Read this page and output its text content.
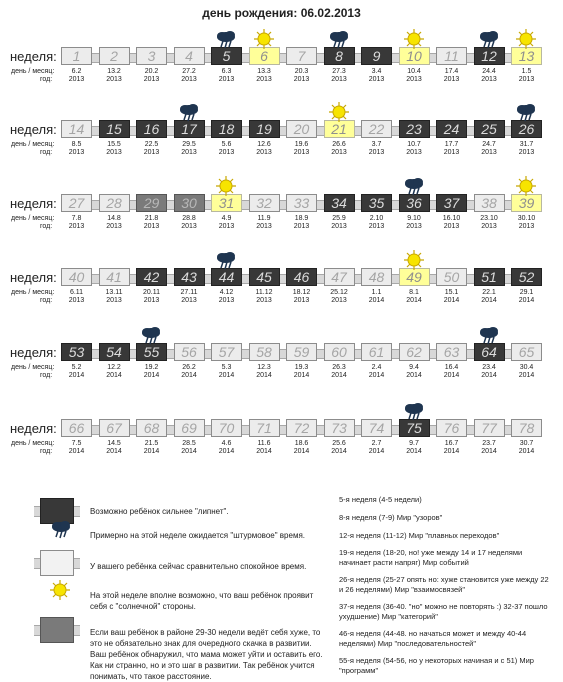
день рождения: 06.02.2013
неделя:
день / месяц:
год:
1
6.2
2013
2
13.2
2013
3
20.2
2013
4
27.2
2013
5
6.3
2013
6
13.3
2013
7
20.3
2013
8
27.3
2013
9
3.4
2013
10
10.4
2013
11
17.4
2013
12
24.4
2013
13
1.5
2013
неделя:
день / месяц:
год:
14
8.5
2013
15
15.5
2013
16
22.5
2013
17
29.5
2013
18
5.6
2013
19
12.6
2013
20
19.6
2013
21
26.6
2013
22
3.7
2013
23
10.7
2013
24
17.7
2013
25
24.7
2013
26
31.7
2013
неделя:
день / месяц:
год:
27
7.8
2013
28
14.8
2013
29
21.8
2013
30
28.8
2013
31
4.9
2013
32
11.9
2013
33
18.9
2013
34
25.9
2013
35
2.10
2013
36
9.10
2013
37
16.10
2013
38
23.10
2013
39
30.10
2013
неделя:
день / месяц:
год:
40
6.11
2013
41
13.11
2013
42
20.11
2013
43
27.11
2013
44
4.12
2013
45
11.12
2013
46
18.12
2013
47
25.12
2013
48
1.1
2014
49
8.1
2014
50
15.1
2014
51
22.1
2014
52
29.1
2014
неделя:
день / месяц:
год:
53
5.2
2014
54
12.2
2014
55
19.2
2014
56
26.2
2014
57
5.3
2014
58
12.3
2014
59
19.3
2014
60
26.3
2014
61
2.4
2014
62
9.4
2014
63
16.4
2014
64
23.4
2014
65
30.4
2014
неделя:
день / месяц:
год:
66
7.5
2014
67
14.5
2014
68
21.5
2014
69
28.5
2014
70
4.6
2014
71
11.6
2014
72
18.6
2014
73
25.6
2014
74
2.7
2014
75
9.7
2014
76
16.7
2014
77
23.7
2014
78
30.7
2014
Возможно ребёнок сильнее "липнет".
Примерно на этой неделе ожидается "штурмовое" время.
У вашего ребёнка сейчас сравнительно спокойное время.
На этой неделе вполне возможно, что ваш ребёнок проявит себя с "солнечной" стороны.
Если ваш ребёнок в районе 29-30 недели ведёт себя хуже, то это не обязательно знак для очередного скачка в развитии. Ваш ребёнок обнаружил, что мама может уйти и оставить его. Как ни странно, но и это шаг в развитии. Так ребёнок учится понимать, что такое расстояние.
5-я неделя (4-5 недели)
8-я неделя (7-9) Мир "узоров"
12-я неделя (11-12) Мир "плавных переходов"
19-я неделя (18-20, но! уже между 14 и 17 неделями начинает расти напряг) Мир событий
26-я неделя (25-27 опять но: хуже становится уже между 22 и 26 неделями) Мир "взаимосвязей"
37-я неделя (36-40. "но" можно не повторять :) 32-37 пошло ухудшение) Мир "категорий"
46-я неделя (44-48. но начаться может и между 40-44 неделями) Мир "последовательностей"
55-я неделя (54-56, но у некоторых начиная и с 51) Мир "программ"
